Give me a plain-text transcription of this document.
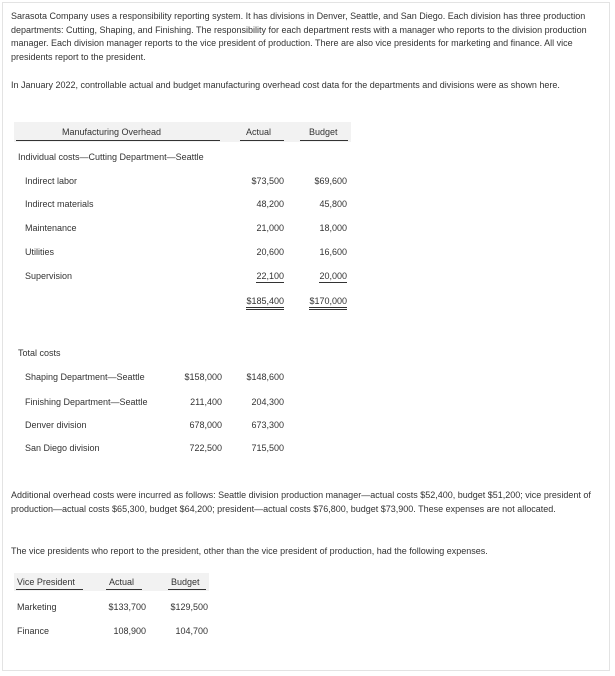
Sarasota Company uses a responsibility reporting system. It has divisions in Denver, Seattle, and San Diego. Each division has three production departments: Cutting, Shaping, and Finishing. The responsibility for each department rests with a manager who reports to the division production manager. Each division manager reports to the vice president of production. There are also vice presidents for marketing and finance. All vice presidents report to the president.

In January 2022, controllable actual and budget manufacturing overhead cost data for the departments and divisions were as shown here.

Manufacturing Overhead	Actual	Budget
Individual costs—Cutting Department—Seattle
Indirect labor	$73,500	$69,600
Indirect materials	48,200	45,800
Maintenance	21,000	18,000
Utilities	20,600	16,600
Supervision	22,100	20,000
$185,400	$170,000
Total costs
Shaping Department—Seattle	$158,000	$148,600
Finishing Department—Seattle	211,400	204,300
Denver division	678,000	673,300
San Diego division	722,500	715,500

Additional overhead costs were incurred as follows: Seattle division production manager—actual costs $52,400, budget $51,200; vice president of production—actual costs $65,300, budget $64,200; president—actual costs $76,800, budget $73,900. These expenses are not allocated.

The vice presidents who report to the president, other than the vice president of production, had the following expenses.

Vice President	Actual	Budget
Marketing	$133,700	$129,500
Finance	108,900	104,700
